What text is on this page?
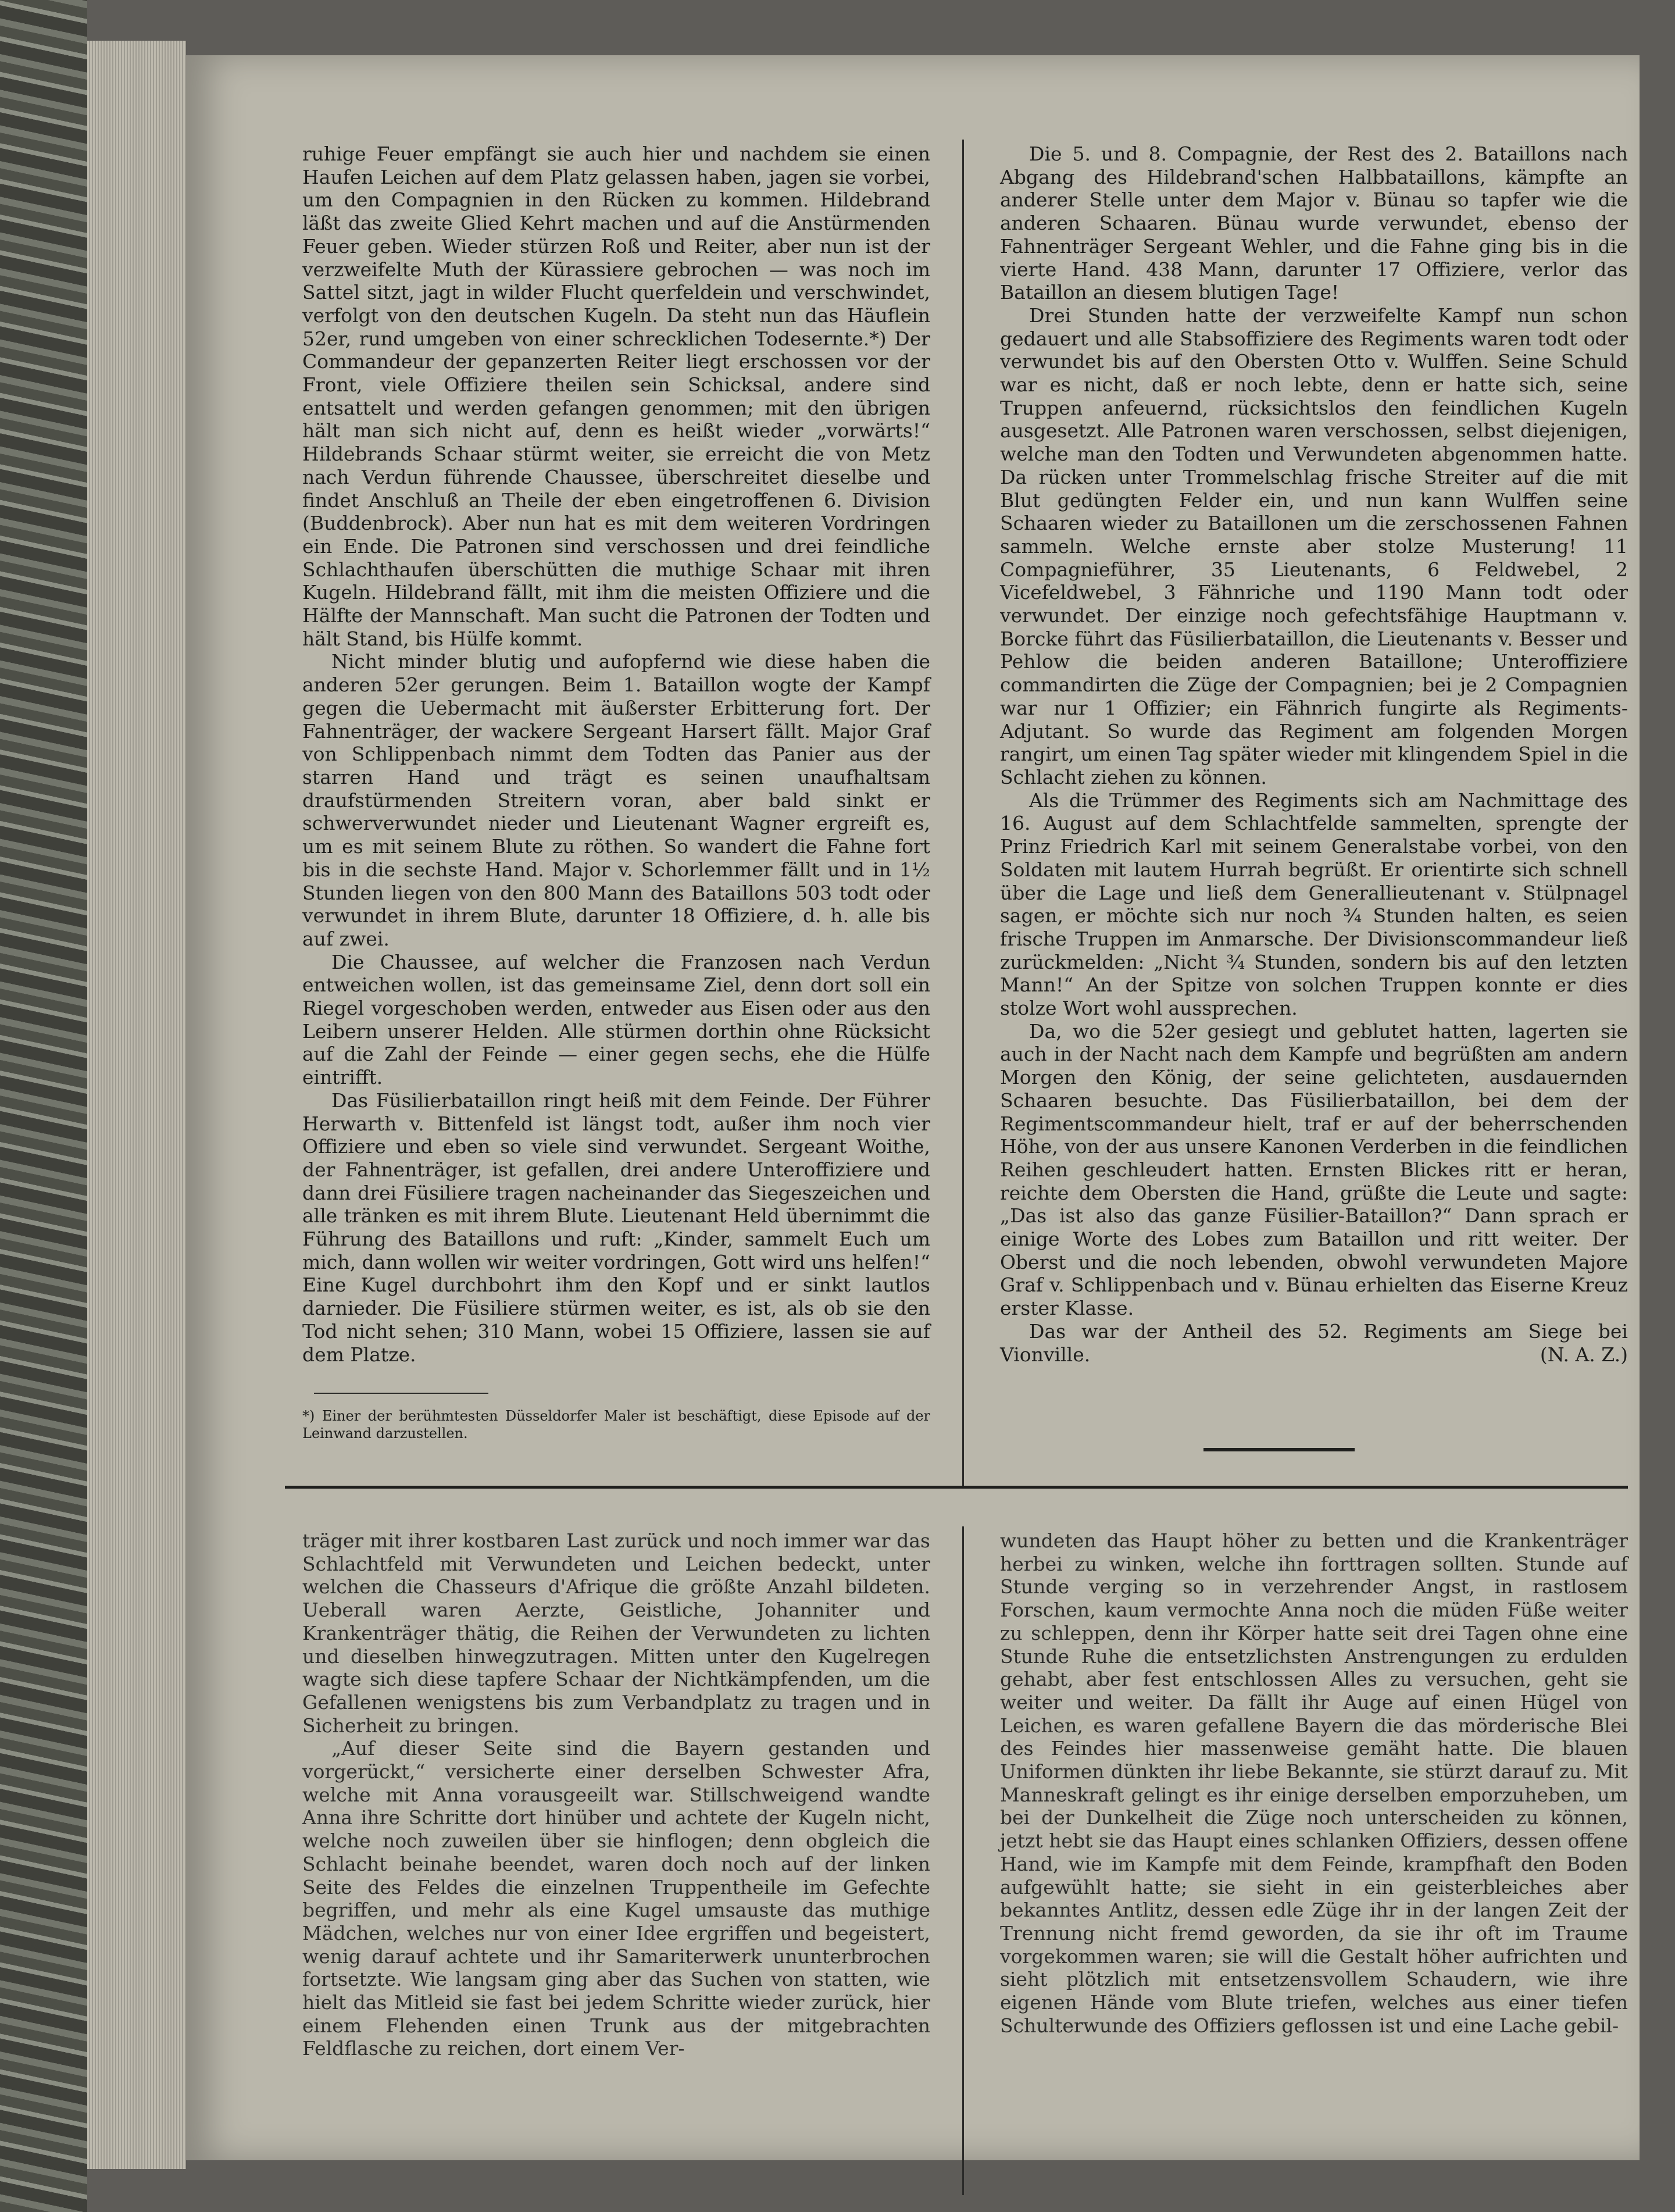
ruhige Feuer empfängt sie auch hier und nachdem sie einen Haufen Leichen auf dem Platz gelassen haben, jagen sie vorbei, um den Compagnien in den Rücken zu kommen. Hildebrand läßt das zweite Glied Kehrt machen und auf die Anstürmenden Feuer geben. Wieder stürzen Roß und Reiter, aber nun ist der verzweifelte Muth der Kürassiere gebrochen — was noch im Sattel sitzt, jagt in wilder Flucht querfeldein und verschwindet, verfolgt von den deutschen Kugeln. Da steht nun das Häuflein 52er, rund umgeben von einer schrecklichen Todesernte.*) Der Commandeur der gepanzerten Reiter liegt erschossen vor der Front, viele Offiziere theilen sein Schicksal, andere sind entsattelt und werden gefangen genommen; mit den übrigen hält man sich nicht auf, denn es heißt wieder „vorwärts!“ Hildebrands Schaar stürmt weiter, sie erreicht die von Metz nach Verdun führende Chaussee, überschreitet dieselbe und findet Anschluß an Theile der eben eingetroffenen 6. Division (Buddenbrock). Aber nun hat es mit dem weiteren Vordringen ein Ende. Die Patronen sind verschossen und drei feindliche Schlachthaufen überschütten die muthige Schaar mit ihren Kugeln. Hildebrand fällt, mit ihm die meisten Offiziere und die Hälfte der Mannschaft. Man sucht die Patronen der Todten und hält Stand, bis Hülfe kommt.

Nicht minder blutig und aufopfernd wie diese haben die anderen 52er gerungen. Beim 1. Bataillon wogte der Kampf gegen die Uebermacht mit äußerster Erbitterung fort. Der Fahnenträger, der wackere Sergeant Harsert fällt. Major Graf von Schlippenbach nimmt dem Todten das Panier aus der starren Hand und trägt es seinen unaufhaltsam draufstürmenden Streitern voran, aber bald sinkt er schwerverwundet nieder und Lieutenant Wagner ergreift es, um es mit seinem Blute zu röthen. So wandert die Fahne fort bis in die sechste Hand. Major v. Schorlemmer fällt und in 1½ Stunden liegen von den 800 Mann des Bataillons 503 todt oder verwundet in ihrem Blute, darunter 18 Offiziere, d. h. alle bis auf zwei.

Die Chaussee, auf welcher die Franzosen nach Verdun entweichen wollen, ist das gemeinsame Ziel, denn dort soll ein Riegel vorgeschoben werden, entweder aus Eisen oder aus den Leibern unserer Helden. Alle stürmen dorthin ohne Rücksicht auf die Zahl der Feinde — einer gegen sechs, ehe die Hülfe eintrifft.

Das Füsilierbataillon ringt heiß mit dem Feinde. Der Führer Herwarth v. Bittenfeld ist längst todt, außer ihm noch vier Offiziere und eben so viele sind verwundet. Sergeant Woithe, der Fahnenträger, ist gefallen, drei andere Unteroffiziere und dann drei Füsiliere tragen nacheinander das Siegeszeichen und alle tränken es mit ihrem Blute. Lieutenant Held übernimmt die Führung des Bataillons und ruft: „Kinder, sammelt Euch um mich, dann wollen wir weiter vordringen, Gott wird uns helfen!“ Eine Kugel durchbohrt ihm den Kopf und er sinkt lautlos darnieder. Die Füsiliere stürmen weiter, es ist, als ob sie den Tod nicht sehen; 310 Mann, wobei 15 Offiziere, lassen sie auf dem Platze.

Die 5. und 8. Compagnie, der Rest des 2. Bataillons nach Abgang des Hildebrand'schen Halbbataillons, kämpfte an anderer Stelle unter dem Major v. Bünau so tapfer wie die anderen Schaaren. Bünau wurde verwundet, ebenso der Fahnenträger Sergeant Wehler, und die Fahne ging bis in die vierte Hand. 438 Mann, darunter 17 Offiziere, verlor das Bataillon an diesem blutigen Tage!

Drei Stunden hatte der verzweifelte Kampf nun schon gedauert und alle Stabsoffiziere des Regiments waren todt oder verwundet bis auf den Obersten Otto v. Wulffen. Seine Schuld war es nicht, daß er noch lebte, denn er hatte sich, seine Truppen anfeuernd, rücksichtslos den feindlichen Kugeln ausgesetzt. Alle Patronen waren verschossen, selbst diejenigen, welche man den Todten und Verwundeten abgenommen hatte. Da rücken unter Trommelschlag frische Streiter auf die mit Blut gedüngten Felder ein, und nun kann Wulffen seine Schaaren wieder zu Bataillonen um die zerschossenen Fahnen sammeln. Welche ernste aber stolze Musterung! 11 Compagnieführer, 35 Lieutenants, 6 Feldwebel, 2 Vicefeldwebel, 3 Fähnriche und 1190 Mann todt oder verwundet. Der einzige noch gefechtsfähige Hauptmann v. Borcke führt das Füsilierbataillon, die Lieutenants v. Besser und Pehlow die beiden anderen Bataillone; Unteroffiziere commandirten die Züge der Compagnien; bei je 2 Compagnien war nur 1 Offizier; ein Fähnrich fungirte als Regiments-Adjutant. So wurde das Regiment am folgenden Morgen rangirt, um einen Tag später wieder mit klingendem Spiel in die Schlacht ziehen zu können.

Als die Trümmer des Regiments sich am Nachmittage des 16. August auf dem Schlachtfelde sammelten, sprengte der Prinz Friedrich Karl mit seinem Generalstabe vorbei, von den Soldaten mit lautem Hurrah begrüßt. Er orientirte sich schnell über die Lage und ließ dem Generallieutenant v. Stülpnagel sagen, er möchte sich nur noch ¾ Stunden halten, es seien frische Truppen im Anmarsche. Der Divisionscommandeur ließ zurückmelden: „Nicht ¾ Stunden, sondern bis auf den letzten Mann!“ An der Spitze von solchen Truppen konnte er dies stolze Wort wohl aussprechen.

Da, wo die 52er gesiegt und geblutet hatten, lagerten sie auch in der Nacht nach dem Kampfe und begrüßten am andern Morgen den König, der seine gelichteten, ausdauernden Schaaren besuchte. Das Füsilierbataillon, bei dem der Regimentscommandeur hielt, traf er auf der beherrschenden Höhe, von der aus unsere Kanonen Verderben in die feindlichen Reihen geschleudert hatten. Ernsten Blickes ritt er heran, reichte dem Obersten die Hand, grüßte die Leute und sagte: „Das ist also das ganze Füsilier-Bataillon?“ Dann sprach er einige Worte des Lobes zum Bataillon und ritt weiter. Der Oberst und die noch lebenden, obwohl verwundeten Majore Graf v. Schlippenbach und v. Bünau erhielten das Eiserne Kreuz erster Klasse.

Das war der Antheil des 52. Regiments am Siege bei Vionville.	(N. A. Z.)

*) Einer der berühmtesten Düsseldorfer Maler ist beschäftigt, diese Episode auf der Leinwand darzustellen.

träger mit ihrer kostbaren Last zurück und noch immer war das Schlachtfeld mit Verwundeten und Leichen bedeckt, unter welchen die Chasseurs d'Afrique die größte Anzahl bildeten. Ueberall waren Aerzte, Geistliche, Johanniter und Krankenträger thätig, die Reihen der Verwundeten zu lichten und dieselben hinwegzutragen. Mitten unter den Kugelregen wagte sich diese tapfere Schaar der Nichtkämpfenden, um die Gefallenen wenigstens bis zum Verbandplatz zu tragen und in Sicherheit zu bringen.

„Auf dieser Seite sind die Bayern gestanden und vorgerückt,“ versicherte einer derselben Schwester Afra, welche mit Anna vorausgeeilt war. Stillschweigend wandte Anna ihre Schritte dort hinüber und achtete der Kugeln nicht, welche noch zuweilen über sie hinflogen; denn obgleich die Schlacht beinahe beendet, waren doch noch auf der linken Seite des Feldes die einzelnen Truppentheile im Gefechte begriffen, und mehr als eine Kugel umsauste das muthige Mädchen, welches nur von einer Idee ergriffen und begeistert, wenig darauf achtete und ihr Samariterwerk ununterbrochen fortsetzte. Wie langsam ging aber das Suchen von statten, wie hielt das Mitleid sie fast bei jedem Schritte wieder zurück, hier einem Flehenden einen Trunk aus der mitgebrachten Feldflasche zu reichen, dort einem Ver-

wundeten das Haupt höher zu betten und die Krankenträger herbei zu winken, welche ihn forttragen sollten. Stunde auf Stunde verging so in verzehrender Angst, in rastlosem Forschen, kaum vermochte Anna noch die müden Füße weiter zu schleppen, denn ihr Körper hatte seit drei Tagen ohne eine Stunde Ruhe die entsetzlichsten Anstrengungen zu erdulden gehabt, aber fest entschlossen Alles zu versuchen, geht sie weiter und weiter. Da fällt ihr Auge auf einen Hügel von Leichen, es waren gefallene Bayern die das mörderische Blei des Feindes hier massenweise gemäht hatte. Die blauen Uniformen dünkten ihr liebe Bekannte, sie stürzt darauf zu. Mit Manneskraft gelingt es ihr einige derselben emporzuheben, um bei der Dunkelheit die Züge noch unterscheiden zu können, jetzt hebt sie das Haupt eines schlanken Offiziers, dessen offene Hand, wie im Kampfe mit dem Feinde, krampfhaft den Boden aufgewühlt hatte; sie sieht in ein geisterbleiches aber bekanntes Antlitz, dessen edle Züge ihr in der langen Zeit der Trennung nicht fremd geworden, da sie ihr oft im Traume vorgekommen waren; sie will die Gestalt höher aufrichten und sieht plötzlich mit entsetzensvollem Schaudern, wie ihre eigenen Hände vom Blute triefen, welches aus einer tiefen Schulterwunde des Offiziers geflossen ist und eine Lache gebil-
